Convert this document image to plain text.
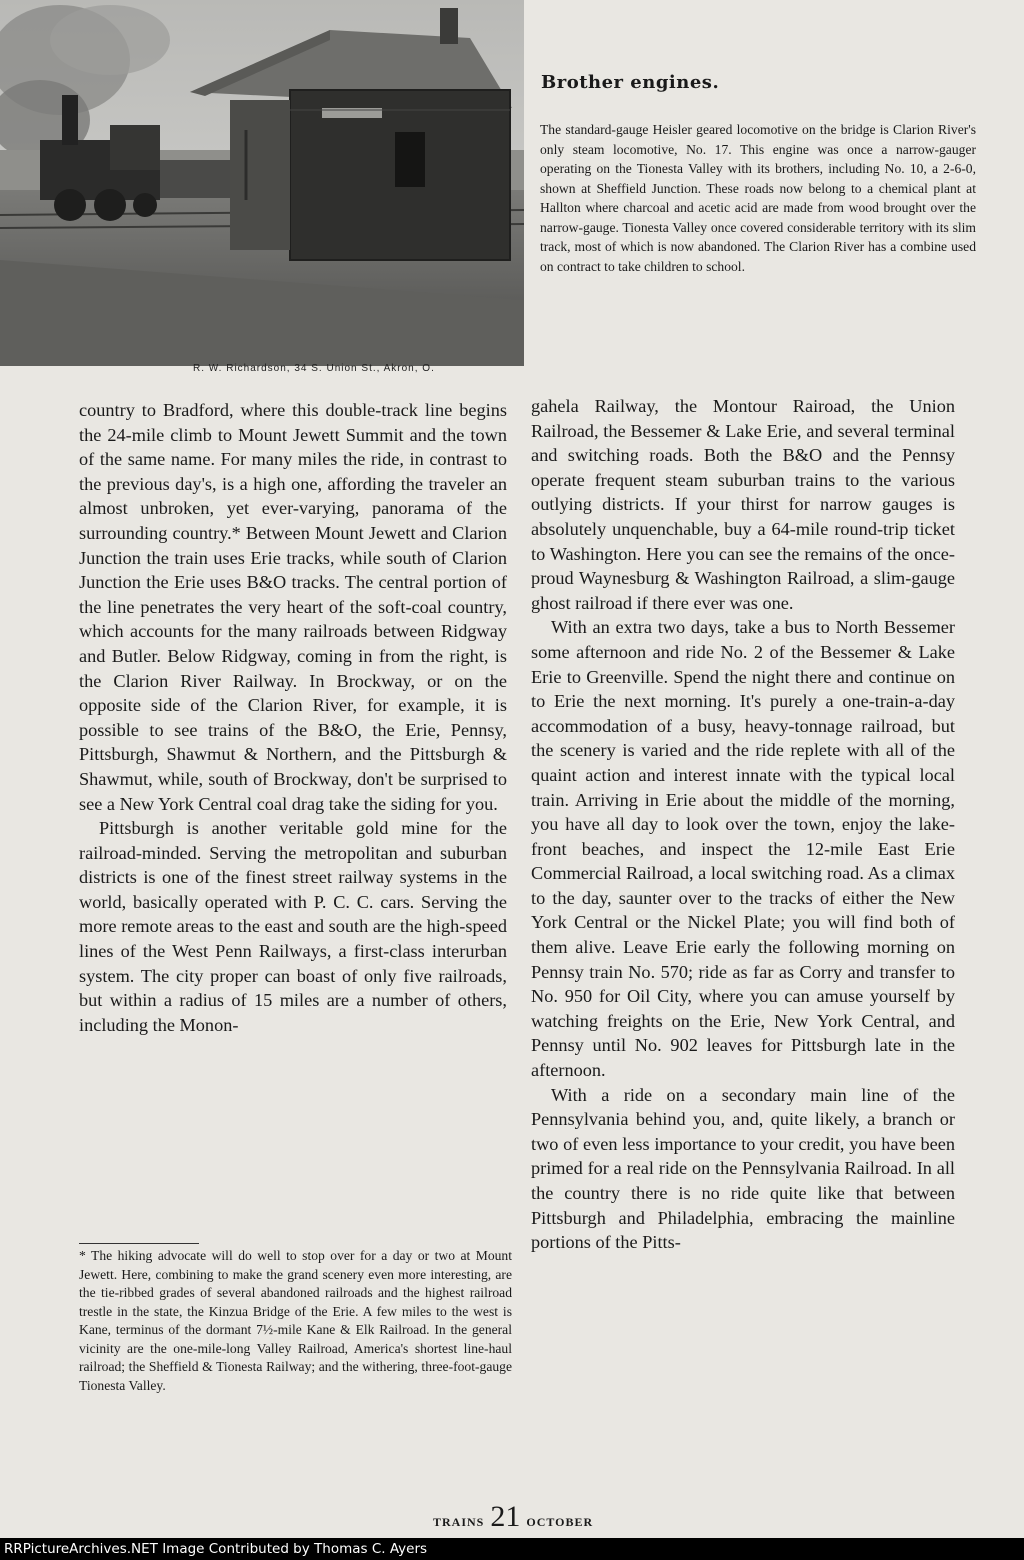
R. W. Richardson, 34 S. Union St., Akron, O.
Brother engines.
The standard-gauge Heisler geared locomotive on the bridge is Clarion River's only steam locomotive, No. 17. This engine was once a narrow-gauger operating on the Tionesta Valley with its brothers, including No. 10, a 2-6-0, shown at Sheffield Junction. These roads now belong to a chemical plant at Hallton where charcoal and acetic acid are made from wood brought over the narrow-gauge. Tionesta Valley once covered considerable territory with its slim track, most of which is now abandoned. The Clarion River has a combine used on contract to take children to school.

country to Bradford, where this double-track line begins the 24-mile climb to Mount Jewett Summit and the town of the same name. For many miles the ride, in contrast to the previous day's, is a high one, affording the traveler an almost unbroken, yet ever-varying, panorama of the surrounding country.* Between Mount Jewett and Clarion Junction the train uses Erie tracks, while south of Clarion Junction the Erie uses B&O tracks. The central portion of the line penetrates the very heart of the soft-coal country, which accounts for the many railroads between Ridgway and Butler. Below Ridgway, coming in from the right, is the Clarion River Railway. In Brockway, or on the opposite side of the Clarion River, for example, it is possible to see trains of the B&O, the Erie, Pennsy, Pittsburgh, Shawmut & Northern, and the Pittsburgh & Shawmut, while, south of Brockway, don't be surprised to see a New York Central coal drag take the siding for you.

Pittsburgh is another veritable gold mine for the railroad-minded. Serving the metropolitan and suburban districts is one of the finest street railway systems in the world, basically operated with P. C. C. cars. Serving the more remote areas to the east and south are the high-speed lines of the West Penn Railways, a first-class interurban system. The city proper can boast of only five railroads, but within a radius of 15 miles are a number of others, including the Monon-

* The hiking advocate will do well to stop over for a day or two at Mount Jewett. Here, combining to make the grand scenery even more interesting, are the tie-ribbed grades of several abandoned railroads and the highest railroad trestle in the state, the Kinzua Bridge of the Erie. A few miles to the west is Kane, terminus of the dormant 7½-mile Kane & Elk Railroad. In the general vicinity are the one-mile-long Valley Railroad, America's shortest line-haul railroad; the Sheffield & Tionesta Railway; and the withering, three-foot-gauge Tionesta Valley.

gahela Railway, the Montour Rairoad, the Union Railroad, the Bessemer & Lake Erie, and several terminal and switching roads. Both the B&O and the Pennsy operate frequent steam suburban trains to the various outlying districts. If your thirst for narrow gauges is absolutely unquenchable, buy a 64-mile round-trip ticket to Washington. Here you can see the remains of the once-proud Waynesburg & Washington Railroad, a slim-gauge ghost railroad if there ever was one.

With an extra two days, take a bus to North Bessemer some afternoon and ride No. 2 of the Bessemer & Lake Erie to Greenville. Spend the night there and continue on to Erie the next morning. It's purely a one-train-a-day accommodation of a busy, heavy-tonnage railroad, but the scenery is varied and the ride replete with all of the quaint action and interest innate with the typical local train. Arriving in Erie about the middle of the morning, you have all day to look over the town, enjoy the lake-front beaches, and inspect the 12-mile East Erie Commercial Railroad, a local switching road. As a climax to the day, saunter over to the tracks of either the New York Central or the Nickel Plate; you will find both of them alive. Leave Erie early the following morning on Pennsy train No. 570; ride as far as Corry and transfer to No. 950 for Oil City, where you can amuse yourself by watching freights on the Erie, New York Central, and Pennsy until No. 902 leaves for Pittsburgh late in the afternoon.

With a ride on a secondary main line of the Pennsylvania behind you, and, quite likely, a branch or two of even less importance to your credit, you have been primed for a real ride on the Pennsylvania Railroad. In all the country there is no ride quite like that between Pittsburgh and Philadelphia, embracing the mainline portions of the Pitts-

TRAINS 21 OCTOBER
RRPictureArchives.NET Image Contributed by Thomas C. Ayers
